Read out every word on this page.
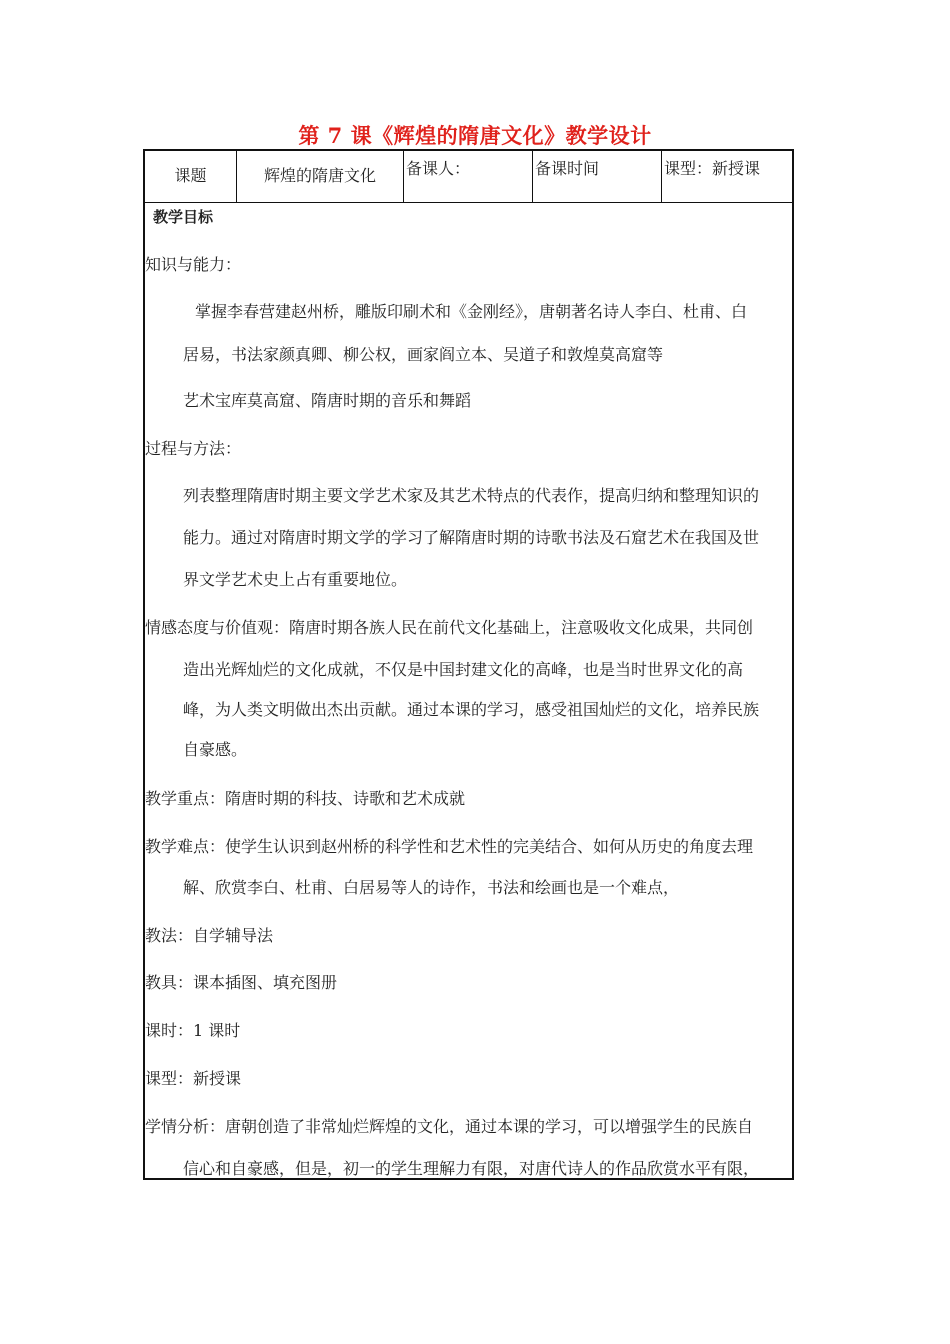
第 7 课《辉煌的隋唐文化》教学设计
课题	辉煌的隋唐文化	备课人：	备课时间	课型：新授课

教学目标

知识与能力：

掌握李春营建赵州桥，雕版印刷术和《金刚经》，唐朝著名诗人李白、杜甫、白

居易，书法家颜真卿、柳公权，画家阎立本、吴道子和敦煌莫高窟等

艺术宝库莫高窟、隋唐时期的音乐和舞蹈

过程与方法：

列表整理隋唐时期主要文学艺术家及其艺术特点的代表作，提高归纳和整理知识的

能力。通过对隋唐时期文学的学习了解隋唐时期的诗歌书法及石窟艺术在我国及世

界文学艺术史上占有重要地位。

情感态度与价值观：隋唐时期各族人民在前代文化基础上，注意吸收文化成果，共同创

造出光辉灿烂的文化成就，不仅是中国封建文化的高峰，也是当时世界文化的高

峰，为人类文明做出杰出贡献。通过本课的学习，感受祖国灿烂的文化，培养民族

自豪感。

教学重点：隋唐时期的科技、诗歌和艺术成就

教学难点：使学生认识到赵州桥的科学性和艺术性的完美结合、如何从历史的角度去理

解、欣赏李白、杜甫、白居易等人的诗作，书法和绘画也是一个难点，

教法：自学辅导法

教具：课本插图、填充图册

课时：1 课时

课型：新授课

学情分析：唐朝创造了非常灿烂辉煌的文化，通过本课的学习，可以增强学生的民族自

信心和自豪感，但是，初一的学生理解力有限，对唐代诗人的作品欣赏水平有限，
